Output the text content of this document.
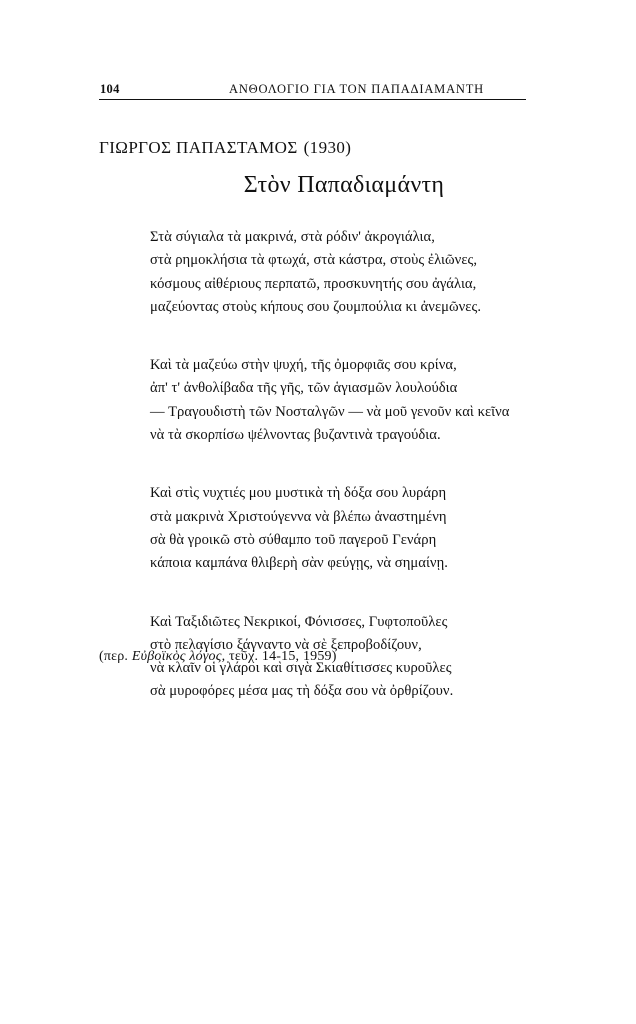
104	ΑΝΘΟΛΟΓΙΟ ΓΙΑ ΤΟΝ ΠΑΠΑΔΙΑΜΑΝΤΗ
ΓΙΩΡΓΟΣ ΠΑΠΑΣΤΑΜΟΣ (1930)
Στὸν Παπαδιαμάντη
Στὰ σύγιαλα τὰ μακρινά, στὰ ρόδιν' ἀκρογιάλια,
στὰ ρημοκλήσια τὰ φτωχά, στὰ κάστρα, στοὺς ἐλιῶνες,
κόσμους αἰθέριους περπατῶ, προσκυνητής σου ἀγάλια,
μαζεύοντας στοὺς κήπους σου ζουμπούλια κι ἀνεμῶνες.
Καὶ τὰ μαζεύω στὴν ψυχή, τῆς ὀμορφιᾶς σου κρίνα,
ἀπ' τ' ἀνθολίβαδα τῆς γῆς, τῶν ἁγιασμῶν λουλούδια
— Τραγουδιστὴ τῶν Νοσταλγῶν — νὰ μοῦ γενοῦν καὶ κεῖνα
νὰ τὰ σκορπίσω ψέλνοντας βυζαντινὰ τραγούδια.
Καὶ στὶς νυχτιές μου μυστικὰ τὴ δόξα σου λυράρη
στὰ μακρινὰ Χριστούγεννα νὰ βλέπω ἀναστημένη
σὰ θὰ γροικῶ στὸ σύθαμπο τοῦ παγεροῦ Γενάρη
κάποια καμπάνα θλιβερὴ σὰν φεύγῃς, νὰ σημαίνῃ.
Καὶ Ταξιδιῶτες Νεκρικοί, Φόνισσες, Γυφτοποῦλες
στὸ πελαγίσιο ξάγναντο νὰ σὲ ξεπροβοδίζουν,
νὰ κλαῖν οἱ γλάροι καὶ σιγὰ Σκιαθίτισσες κυροῦλες
σὰ μυροφόρες μέσα μας τὴ δόξα σου νὰ ὀρθρίζουν.
(περ. Εὐβοϊκὸς λόγος, τεῦχ. 14-15, 1959)
